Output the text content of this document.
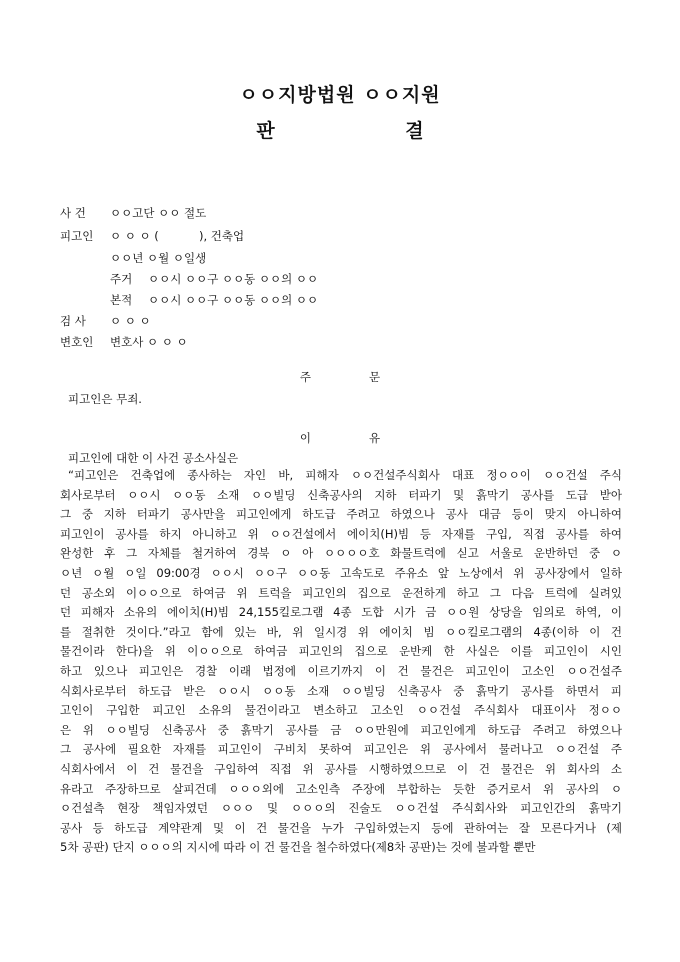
ㅇㅇ지방법원 ㅇㅇ지원
판 결
사 건 ㅇㅇ고단 ㅇㅇ 절도
피고인 ㅇ ㅇ ㅇ (           ), 건축업
ㅇㅇ년 ㅇ월 ㅇ일생
주거 ㅇㅇ시 ㅇㅇ구 ㅇㅇ동 ㅇㅇ의 ㅇㅇ
본적 ㅇㅇ시 ㅇㅇ구 ㅇㅇ동 ㅇㅇ의 ㅇㅇ
검 사 ㅇ ㅇ ㅇ
변호인 변호사 ㅇ ㅇ ㅇ
주문
피고인은 무죄.
이유
피고인에 대한 이 사건 공소사실은
“피고인은 건축업에 종사하는 자인 바, 피해자 ㅇㅇ건설주식회사 대표 정ㅇㅇ이 ㅇㅇ건설 주식
회사로부터 ㅇㅇ시 ㅇㅇ동 소재 ㅇㅇ빌딩 신축공사의 지하 터파기 및 흙막기 공사를 도급 받아
그 중 지하 터파기 공사만을 피고인에게 하도급 주려고 하였으나 공사 대금 등이 맞지 아니하여
피고인이 공사를 하지 아니하고 위 ㅇㅇ건설에서 에이치(H)빔 등 자재를 구입, 직접 공사를 하여
완성한 후 그 자체를 철거하여 경북 ㅇ 아 ㅇㅇㅇㅇ호 화물트럭에 싣고 서울로 운반하던 중 ㅇ
ㅇ년 ㅇ월 ㅇ일 09:00경 ㅇㅇ시 ㅇㅇ구 ㅇㅇ동 고속도로 주유소 앞 노상에서 위 공사장에서 일하
던 공소외 이ㅇㅇ으로 하여금 위 트럭을 피고인의 집으로 운전하게 하고 그 다음 트럭에 실려있
던 피해자 소유의 에이치(H)빔 24,155킬로그램 4종 도합 시가 금 ㅇㅇ원 상당을 임의로 하역, 이
를 절취한 것이다.”라고 함에 있는 바, 위 일시경 위 에이치 빔 ㅇㅇ킬로그램의 4종(이하 이 건
물건이라 한다)을 위 이ㅇㅇ으로 하여금 피고인의 집으로 운반케 한 사실은 이를 피고인이 시인
하고 있으나 피고인은 경찰 이래 법정에 이르기까지 이 건 물건은 피고인이 고소인 ㅇㅇ건설주
식회사로부터 하도급 받은 ㅇㅇ시 ㅇㅇ동 소재 ㅇㅇ빌딩 신축공사 중 흙막기 공사를 하면서 피
고인이 구입한 피고인 소유의 물건이라고 변소하고 고소인 ㅇㅇ건설 주식회사 대표이사 정ㅇㅇ
은 위 ㅇㅇ빌딩 신축공사 중 흙막기 공사를 금 ㅇㅇ만원에 피고인에게 하도급 주려고 하였으나
그 공사에 필요한 자재를 피고인이 구비치 못하여 피고인은 위 공사에서 물러나고 ㅇㅇ건설 주
식회사에서 이 건 물건을 구입하여 직접 위 공사를 시행하였으므로 이 건 물건은 위 회사의 소
유라고 주장하므로 살피건데 ㅇㅇㅇ외에 고소인측 주장에 부합하는 듯한 증거로서 위 공사의 ㅇ
ㅇ건설측 현장 책임자였던 ㅇㅇㅇ 및 ㅇㅇㅇ의 진술도 ㅇㅇ건설 주식회사와 피고인간의 흙막기
공사 등 하도급 계약관계 및 이 건 물건을 누가 구입하였는지 등에 관하여는 잘 모른다거나 (제
5차 공판) 단지 ㅇㅇㅇ의 지시에 따라 이 건 물건을 철수하였다(제8차 공판)는 것에 불과할 뿐만
